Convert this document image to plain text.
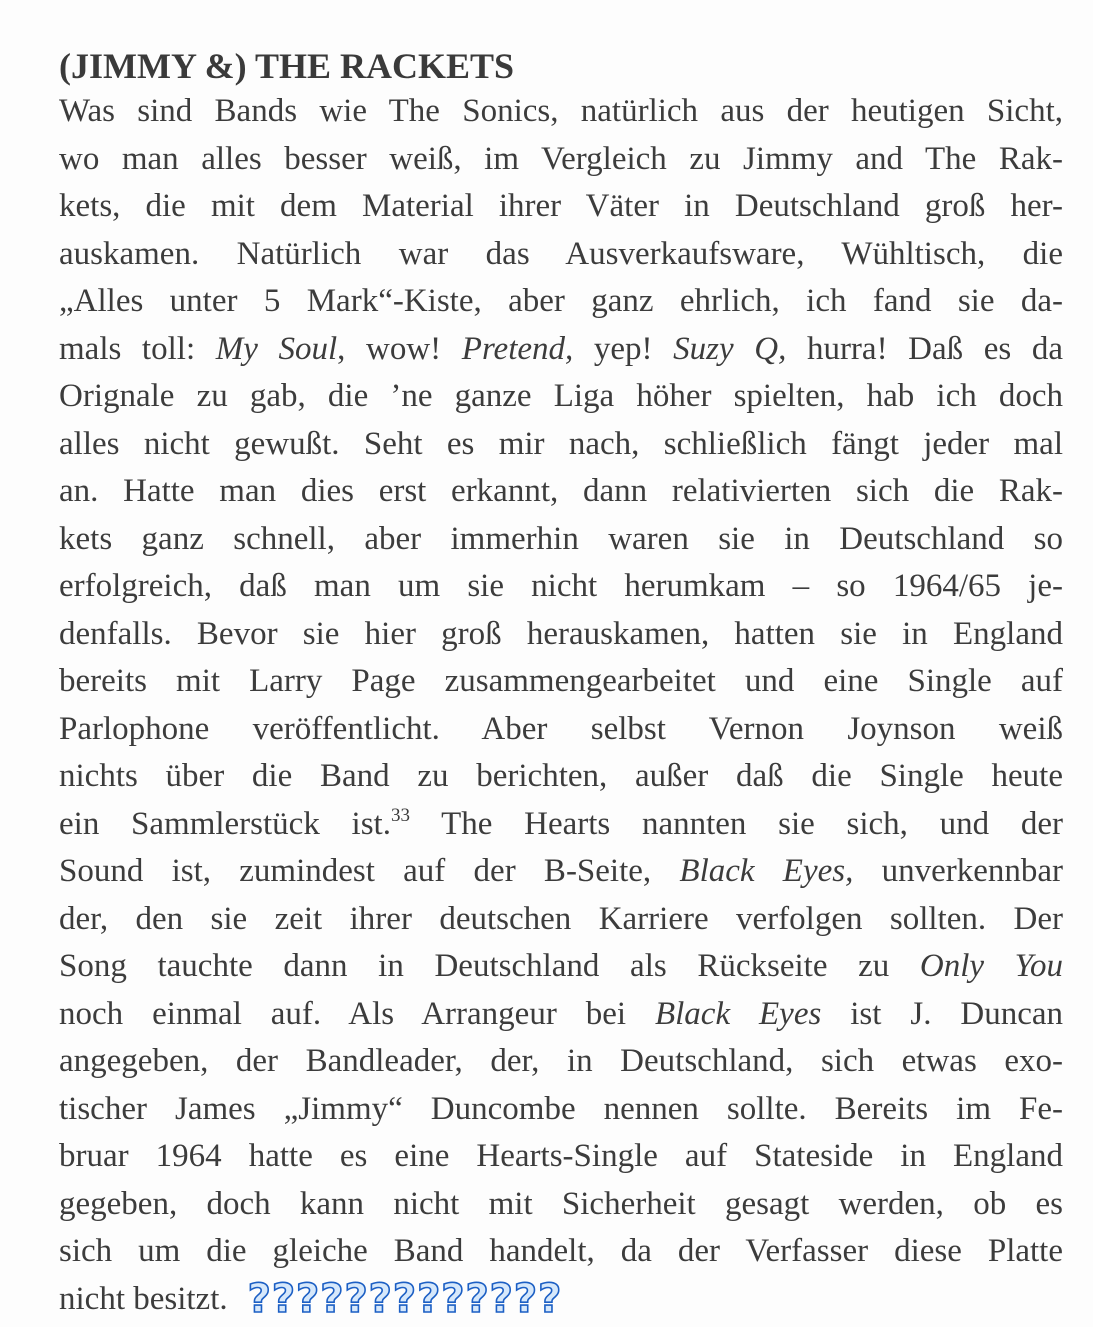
(JIMMY &) THE RACKETS
Was sind Bands wie The Sonics, natürlich aus der heutigen Sicht,
wo man alles besser weiß, im Vergleich zu Jimmy and The Rak-
kets, die mit dem Material ihrer Väter in Deutschland groß her-
auskamen. Natürlich war das Ausverkaufsware, Wühltisch, die
„Alles unter 5 Mark“-Kiste, aber ganz ehrlich, ich fand sie da-
mals toll: My Soul, wow! Pretend, yep! Suzy Q, hurra! Daß es da
Orignale zu gab, die ’ne ganze Liga höher spielten, hab ich doch
alles nicht gewußt. Seht es mir nach, schließlich fängt jeder mal
an. Hatte man dies erst erkannt, dann relativierten sich die Rak-
kets ganz schnell, aber immerhin waren sie in Deutschland so
erfolgreich, daß man um sie nicht herumkam – so 1964/65 je-
denfalls. Bevor sie hier groß herauskamen, hatten sie in England
bereits mit Larry Page zusammengearbeitet und eine Single auf
Parlophone veröffentlicht. Aber selbst Vernon Joynson weiß
nichts über die Band zu berichten, außer daß die Single heute
ein Sammlerstück ist.$^{33}$ The Hearts nannten sie sich, und der
Sound ist, zumindest auf der B-Seite, Black Eyes, unverkennbar
der, den sie zeit ihrer deutschen Karriere verfolgen sollten. Der
Song tauchte dann in Deutschland als Rückseite zu Only You
noch einmal auf. Als Arrangeur bei Black Eyes ist J. Duncan
angegeben, der Bandleader, der, in Deutschland, sich etwas exo-
tischer James „Jimmy“ Duncombe nennen sollte. Bereits im Fe-
bruar 1964 hatte es eine Hearts-Single auf Stateside in England
gegeben, doch kann nicht mit Sicherheit gesagt werden, ob es
sich um die gleiche Band handelt, da der Verfasser diese Platte
nicht besitzt. ?????????????
